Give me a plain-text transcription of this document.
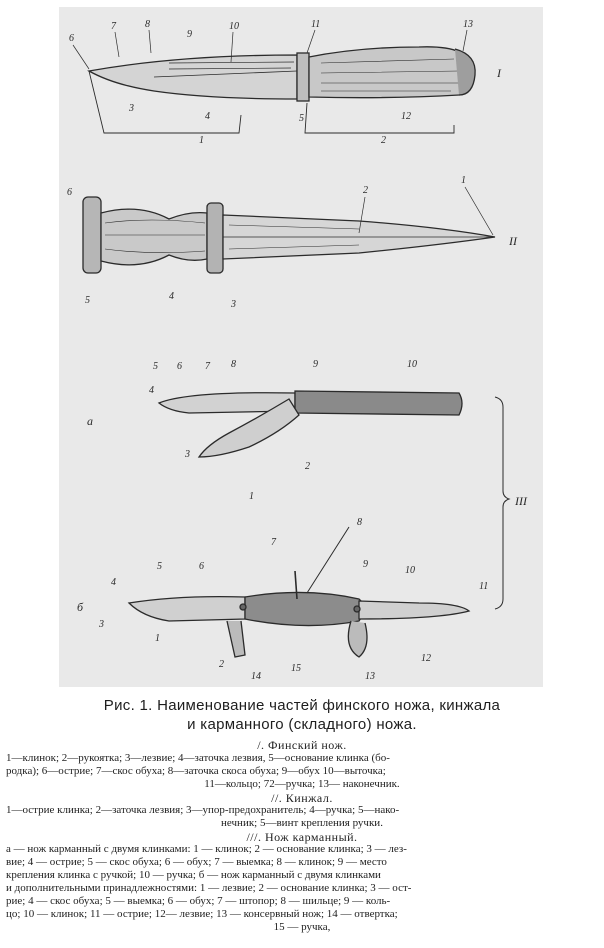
6
7	8
9
10	11	13
3
4	5	12
1	2
I
6	2
1
5	4
3
II
5 6 7 8	9	10
4
3
2
1
а
III
8
7
9
5	6
4
10
11
3
1
2
14
15
13
12
б
Рис. 1. Наименование частей финского ножа, кинжала
и карманного (складного) ножа.
/. Финский нож.
1—клинок; 2—рукоятка; 3—лезвие; 4—заточка лезвия, 5—основание клинка (бо-
родка); 6—острие; 7—скос обуха; 8—заточка скоса обуха; 9—обух 10—выточка;
11—кольцо; 72—ручка; 13— наконечник.
//. Кинжал.
1—острие клинка; 2—заточка лезвия; 3—упор-предохранитель; 4—ручка; 5—нако-
нечник; 5—винт крепления ручки.
///. Нож карманный.
а — нож карманный с двумя клинками: 1 — клинок; 2 — основание клинка; 3 — лез-
вие; 4 — острие; 5 — скос обуха; 6 — обух; 7 — выемка; 8 — клинок; 9 — место
крепления клинка с ручкой; 10 — ручка; б — нож карманный с двумя клинками
и дополнительными принадлежностями: 1 — лезвие; 2 — основание клинка; 3 — ост-
рие; 4 — скос обуха; 5 — выемка; 6 — обух; 7 — штопор; 8 — шильце; 9 — коль-
цо; 10 — клинок; 11 — острие; 12— лезвие; 13 — консервный нож; 14 — отвертка;
15 — ручка,
